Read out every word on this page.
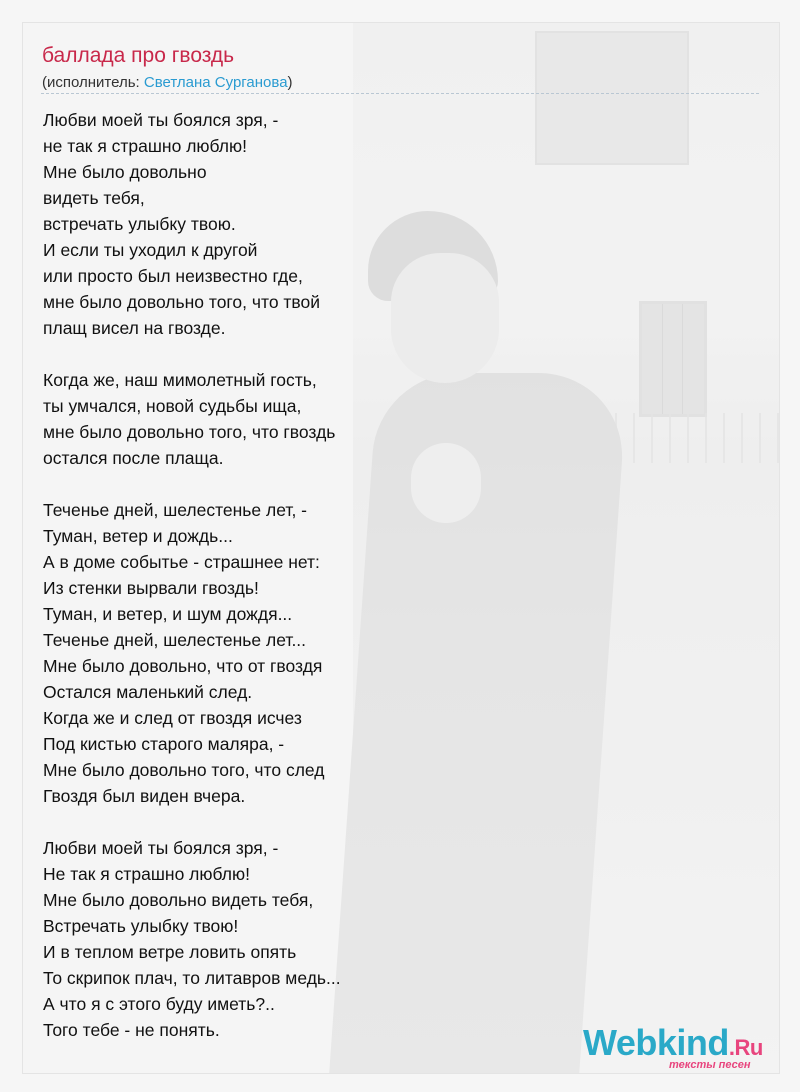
баллада про гвоздь
(исполнитель: Светлана Сурганова)
Любви моей ты боялся зря, -
не так я страшно люблю!
Мне было довольно
видеть тебя,
встречать улыбку твою.
И если ты уходил к другой
или просто был неизвестно где,
мне было довольно того, что твой
плащ висел на гвозде.
Когда же, наш мимолетный гость,
ты умчался, новой судьбы ища,
мне было довольно того, что гвоздь
остался после плаща.
Теченье дней, шелестенье лет, -
Туман, ветер и дождь...
А в доме событье - страшнее нет:
Из стенки вырвали гвоздь!
Туман, и ветер, и шум дождя...
Теченье дней, шелестенье лет...
Мне было довольно, что от гвоздя
Остался маленький след.
Когда же и след от гвоздя исчез
Под кистью старого маляра, -
Мне было довольно того, что след
Гвоздя был виден вчера.
Любви моей ты боялся зря, -
Не так я страшно люблю!
Мне было довольно видеть тебя,
Встречать улыбку твою!
И в теплом ветре ловить опять
То скрипок плач, то литавров медь...
А что я с этого буду иметь?..
Того тебе - не понять.	Webkind.Ru
тексты песен
